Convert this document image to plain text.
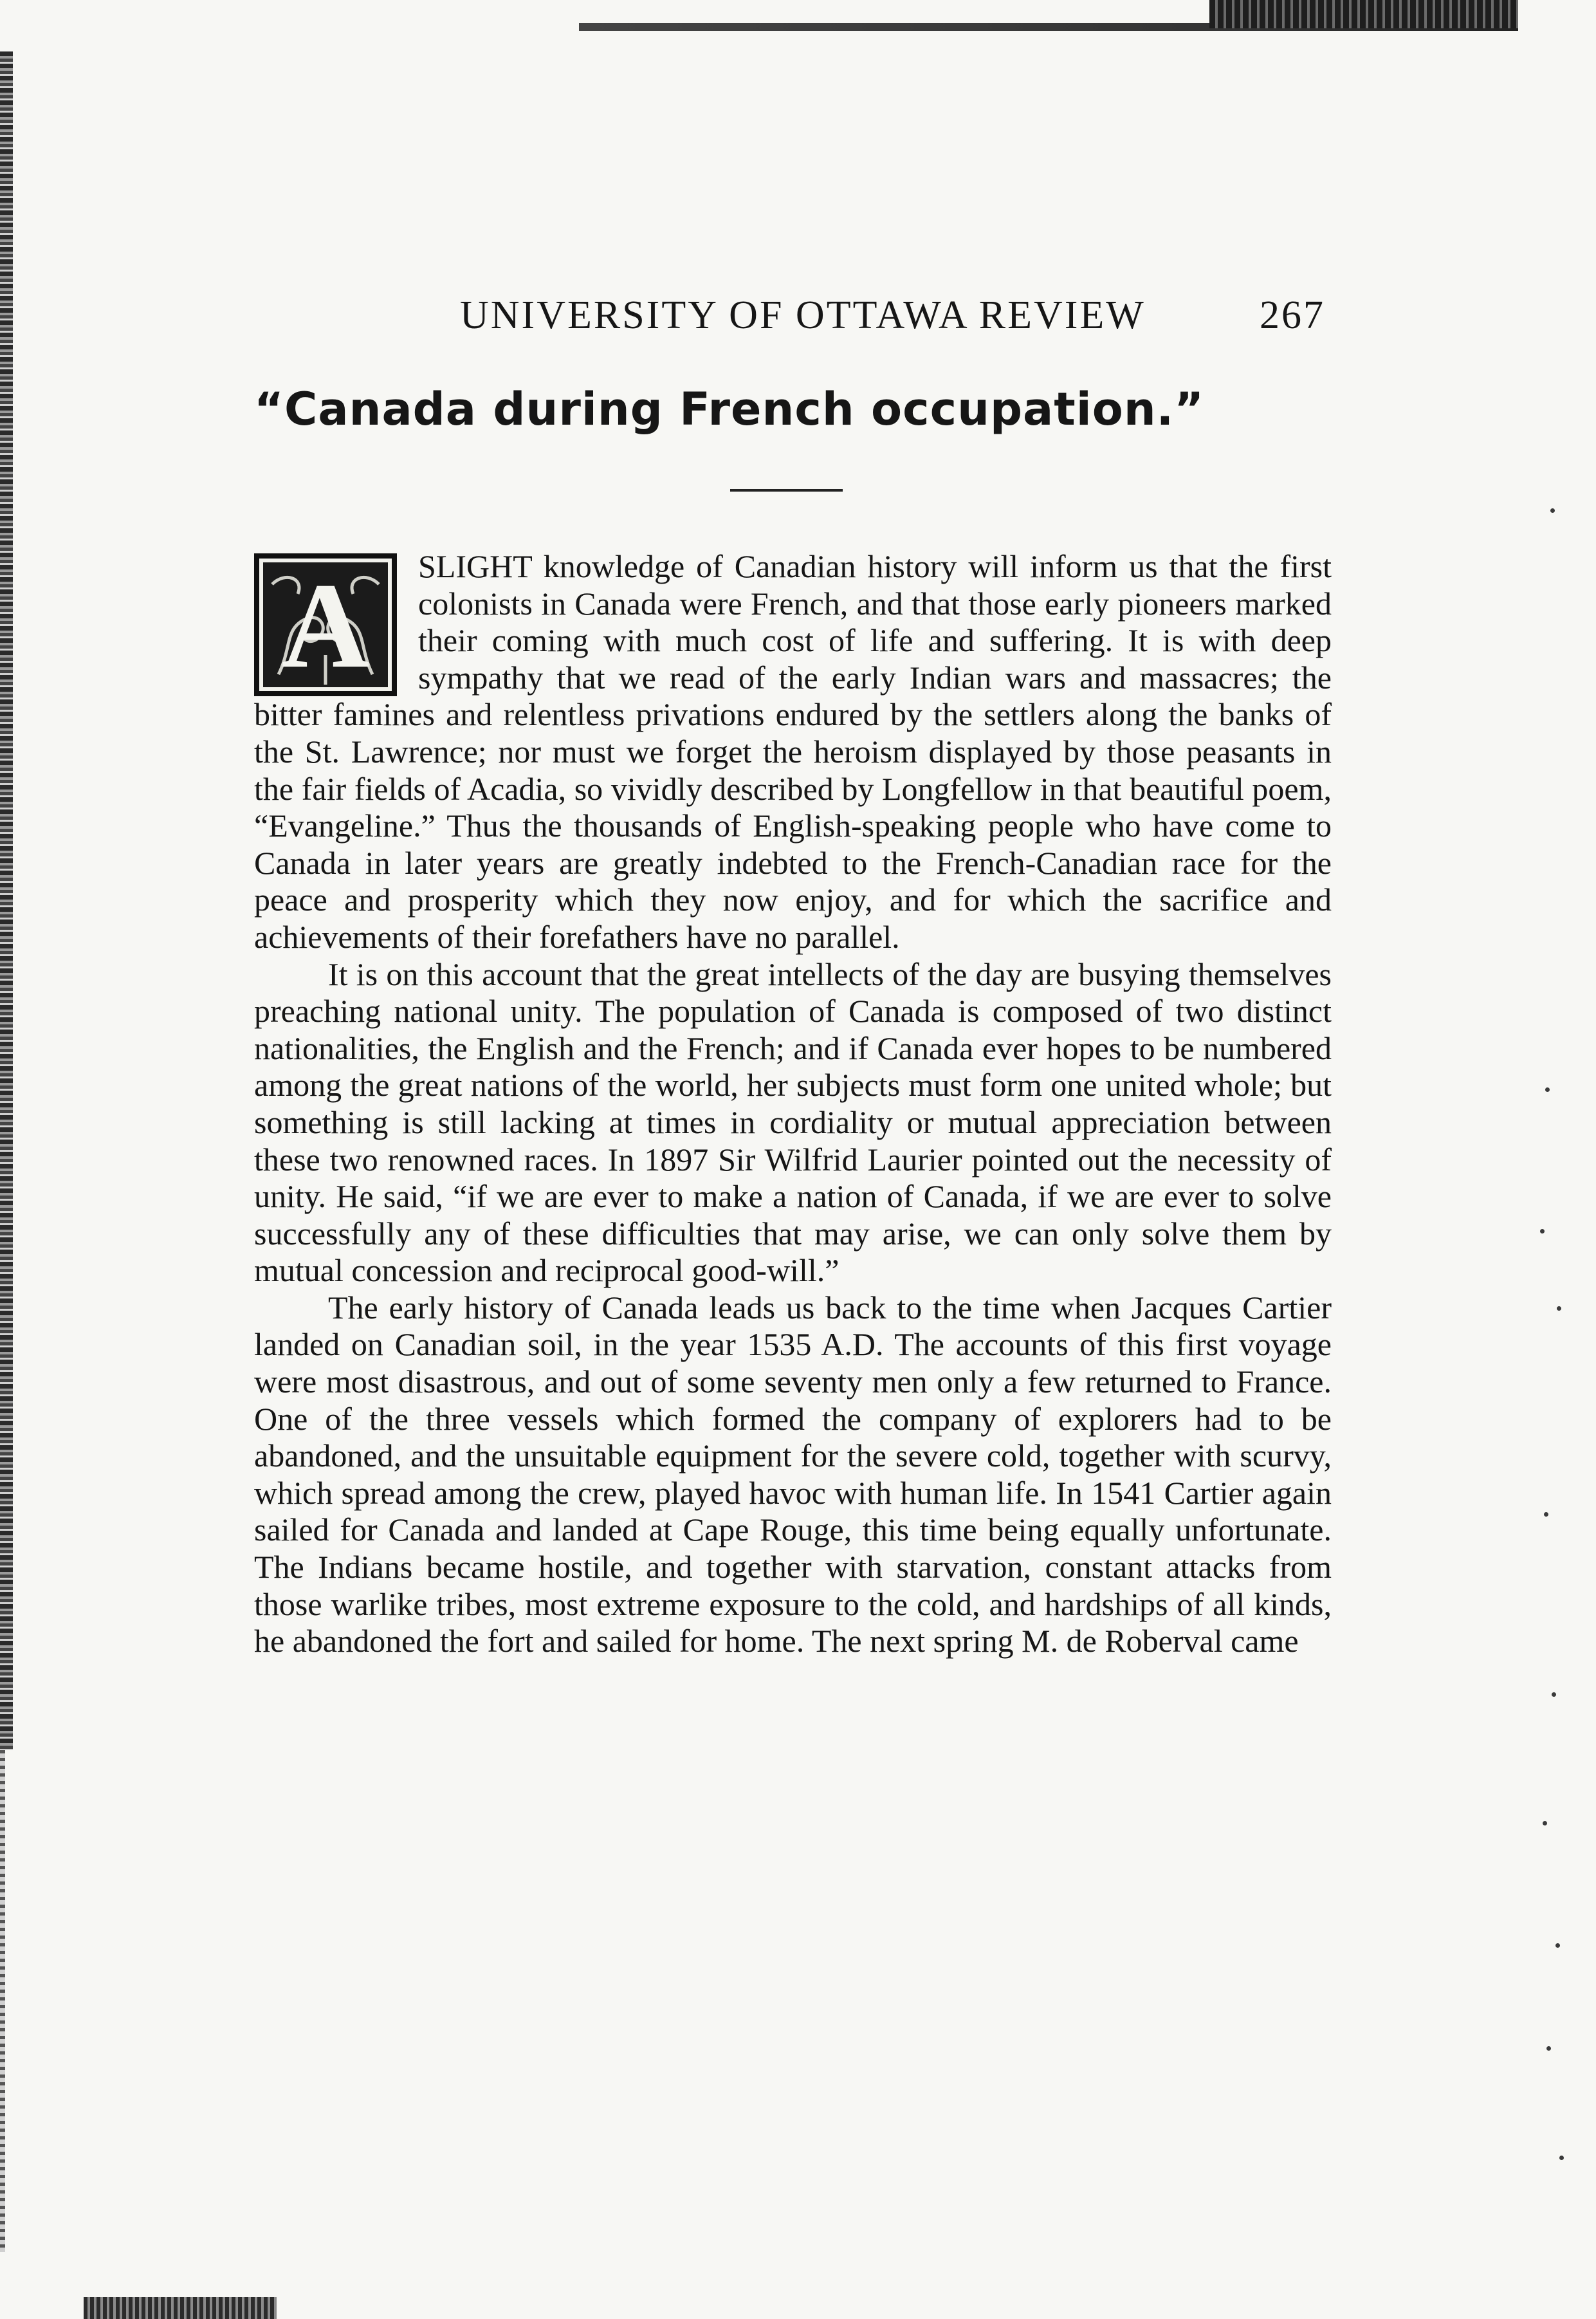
UNIVERSITY OF OTTAWA REVIEW	267
“Canada during French occupation.”
A	SLIGHT knowledge of Canadian history will inform us that the first colonists in Canada were French, and that those early pioneers marked their coming with much cost of life and suffering. It is with deep sympathy that we read of the early Indian wars and massacres; the bitter famines and relentless privations endured by the settlers along the banks of the St. Lawrence; nor must we forget the heroism displayed by those peasants in the fair fields of Acadia, so vividly described by Longfellow in that beautiful poem, “Evangeline.” Thus the thousands of English-speaking people who have come to Canada in later years are greatly indebted to the French-Canadian race for the peace and prosperity which they now enjoy, and for which the sacrifice and achievements of their forefathers have no parallel.

It is on this account that the great intellects of the day are busying themselves preaching national unity. The population of Canada is composed of two distinct nationalities, the English and the French; and if Canada ever hopes to be numbered among the great nations of the world, her subjects must form one united whole; but something is still lacking at times in cordiality or mutual appreciation between these two renowned races. In 1897 Sir Wilfrid Laurier pointed out the necessity of unity. He said, “if we are ever to make a nation of Canada, if we are ever to solve successfully any of these difficulties that may arise, we can only solve them by mutual concession and reciprocal good-will.”

The early history of Canada leads us back to the time when Jacques Cartier landed on Canadian soil, in the year 1535 A.D. The accounts of this first voyage were most disastrous, and out of some seventy men only a few returned to France. One of the three vessels which formed the company of explorers had to be abandoned, and the unsuitable equipment for the severe cold, together with scurvy, which spread among the crew, played havoc with human life. In 1541 Cartier again sailed for Canada and landed at Cape Rouge, this time being equally unfortunate. The Indians became hostile, and together with starvation, constant attacks from those warlike tribes, most extreme exposure to the cold, and hardships of all kinds, he abandoned the fort and sailed for home. The next spring M. de Roberval came
